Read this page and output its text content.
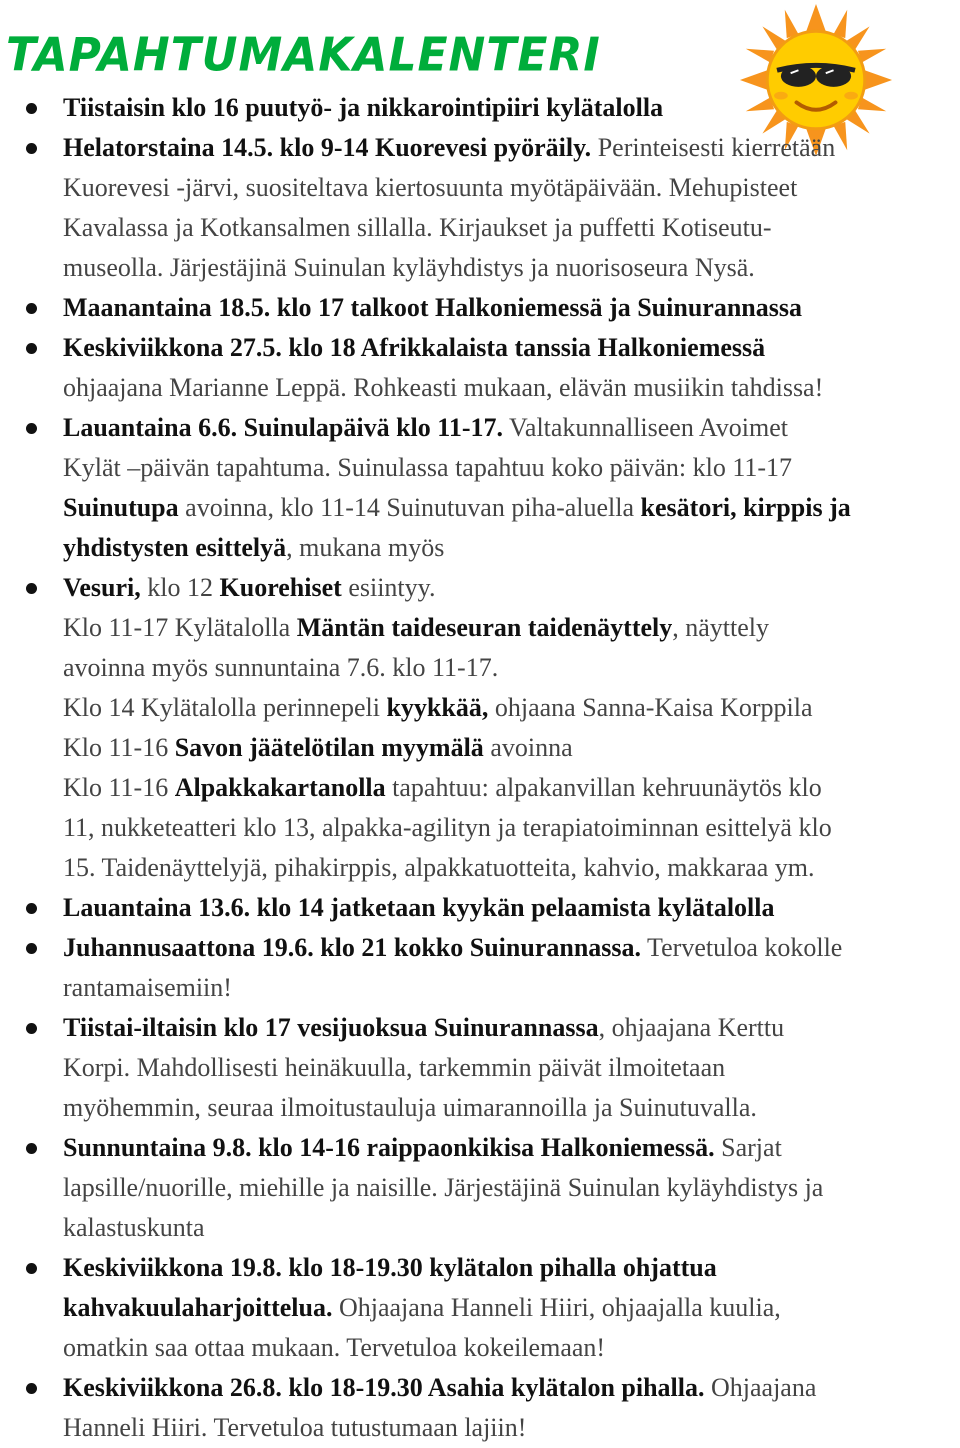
TAPAHTUMAKALENTERI
Tiistaisin klo 16 puutyö- ja nikkarointipiiri kylätalolla
Helatorstaina 14.5. klo 9-14 Kuorevesi pyöräily. Perinteisesti kierretään
Kuorevesi -järvi, suositeltava kiertosuunta myötäpäivään. Mehupisteet
Kavalassa ja Kotkansalmen sillalla. Kirjaukset ja puffetti Kotiseutu-
museolla. Järjestäjinä Suinulan kyläyhdistys ja nuorisoseura Nysä.
Maanantaina 18.5. klo 17 talkoot Halkoniemessä ja Suinurannassa
Keskiviikkona 27.5. klo 18 Afrikkalaista tanssia Halkoniemessä
ohjaajana Marianne Leppä. Rohkeasti mukaan, elävän musiikin tahdissa!
Lauantaina 6.6. Suinulapäivä klo 11-17. Valtakunnalliseen Avoimet
Kylät –päivän tapahtuma. Suinulassa tapahtuu koko päivän: klo 11-17
Suinutupa avoinna, klo 11-14 Suinutuvan piha-aluella kesätori, kirppis ja
yhdistysten esittelyä, mukana myös
Vesuri, klo 12 Kuorehiset esiintyy.
Klo 11-17 Kylätalolla Mäntän taideseuran taidenäyttely, näyttely
avoinna myös sunnuntaina 7.6. klo 11-17.
Klo 14 Kylätalolla perinnepeli kyykkää, ohjaana Sanna-Kaisa Korppila
Klo 11-16 Savon jäätelötilan myymälä avoinna
Klo 11-16 Alpakkakartanolla tapahtuu: alpakanvillan kehruunäytös klo
11, nukketeatteri klo 13, alpakka-agilityn ja terapiatoiminnan esittelyä klo
15. Taidenäyttelyjä, pihakirppis, alpakkatuotteita, kahvio, makkaraa ym.
Lauantaina 13.6. klo 14 jatketaan kyykän pelaamista kylätalolla
Juhannusaattona 19.6. klo 21 kokko Suinurannassa. Tervetuloa kokolle
rantamaisemiin!
Tiistai-iltaisin klo 17 vesijuoksua Suinurannassa, ohjaajana Kerttu
Korpi. Mahdollisesti heinäkuulla, tarkemmin päivät ilmoitetaan
myöhemmin, seuraa ilmoitustauluja uimarannoilla ja Suinutuvalla.
Sunnuntaina 9.8. klo 14-16 raippaonkikisa Halkoniemessä. Sarjat
lapsille/nuorille, miehille ja naisille. Järjestäjinä Suinulan kyläyhdistys ja
kalastuskunta
Keskiviikkona 19.8. klo 18-19.30 kylätalon pihalla ohjattua
kahvakuulaharjoittelua. Ohjaajana Hanneli Hiiri, ohjaajalla kuulia,
omatkin saa ottaa mukaan. Tervetuloa kokeilemaan!
Keskiviikkona 26.8. klo 18-19.30 Asahia kylätalon pihalla. Ohjaajana
Hanneli Hiiri. Tervetuloa tutustumaan lajiin!
